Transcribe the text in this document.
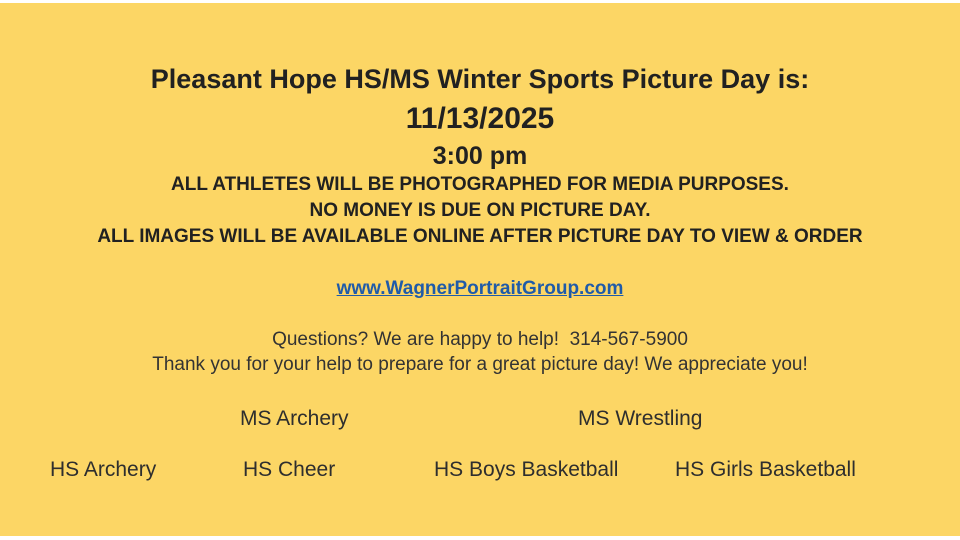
Pleasant Hope HS/MS Winter Sports Picture Day is:
11/13/2025
3:00 pm
ALL ATHLETES WILL BE PHOTOGRAPHED FOR MEDIA PURPOSES.
NO MONEY IS DUE ON PICTURE DAY.
ALL IMAGES WILL BE AVAILABLE ONLINE AFTER PICTURE DAY TO VIEW & ORDER
www.WagnerPortraitGroup.com
Questions? We are happy to help!  314-567-5900
Thank you for your help to prepare for a great picture day! We appreciate you!
MS Archery	MS Wrestling
HS Archery	HS Cheer	HS Boys Basketball	HS Girls Basketball
